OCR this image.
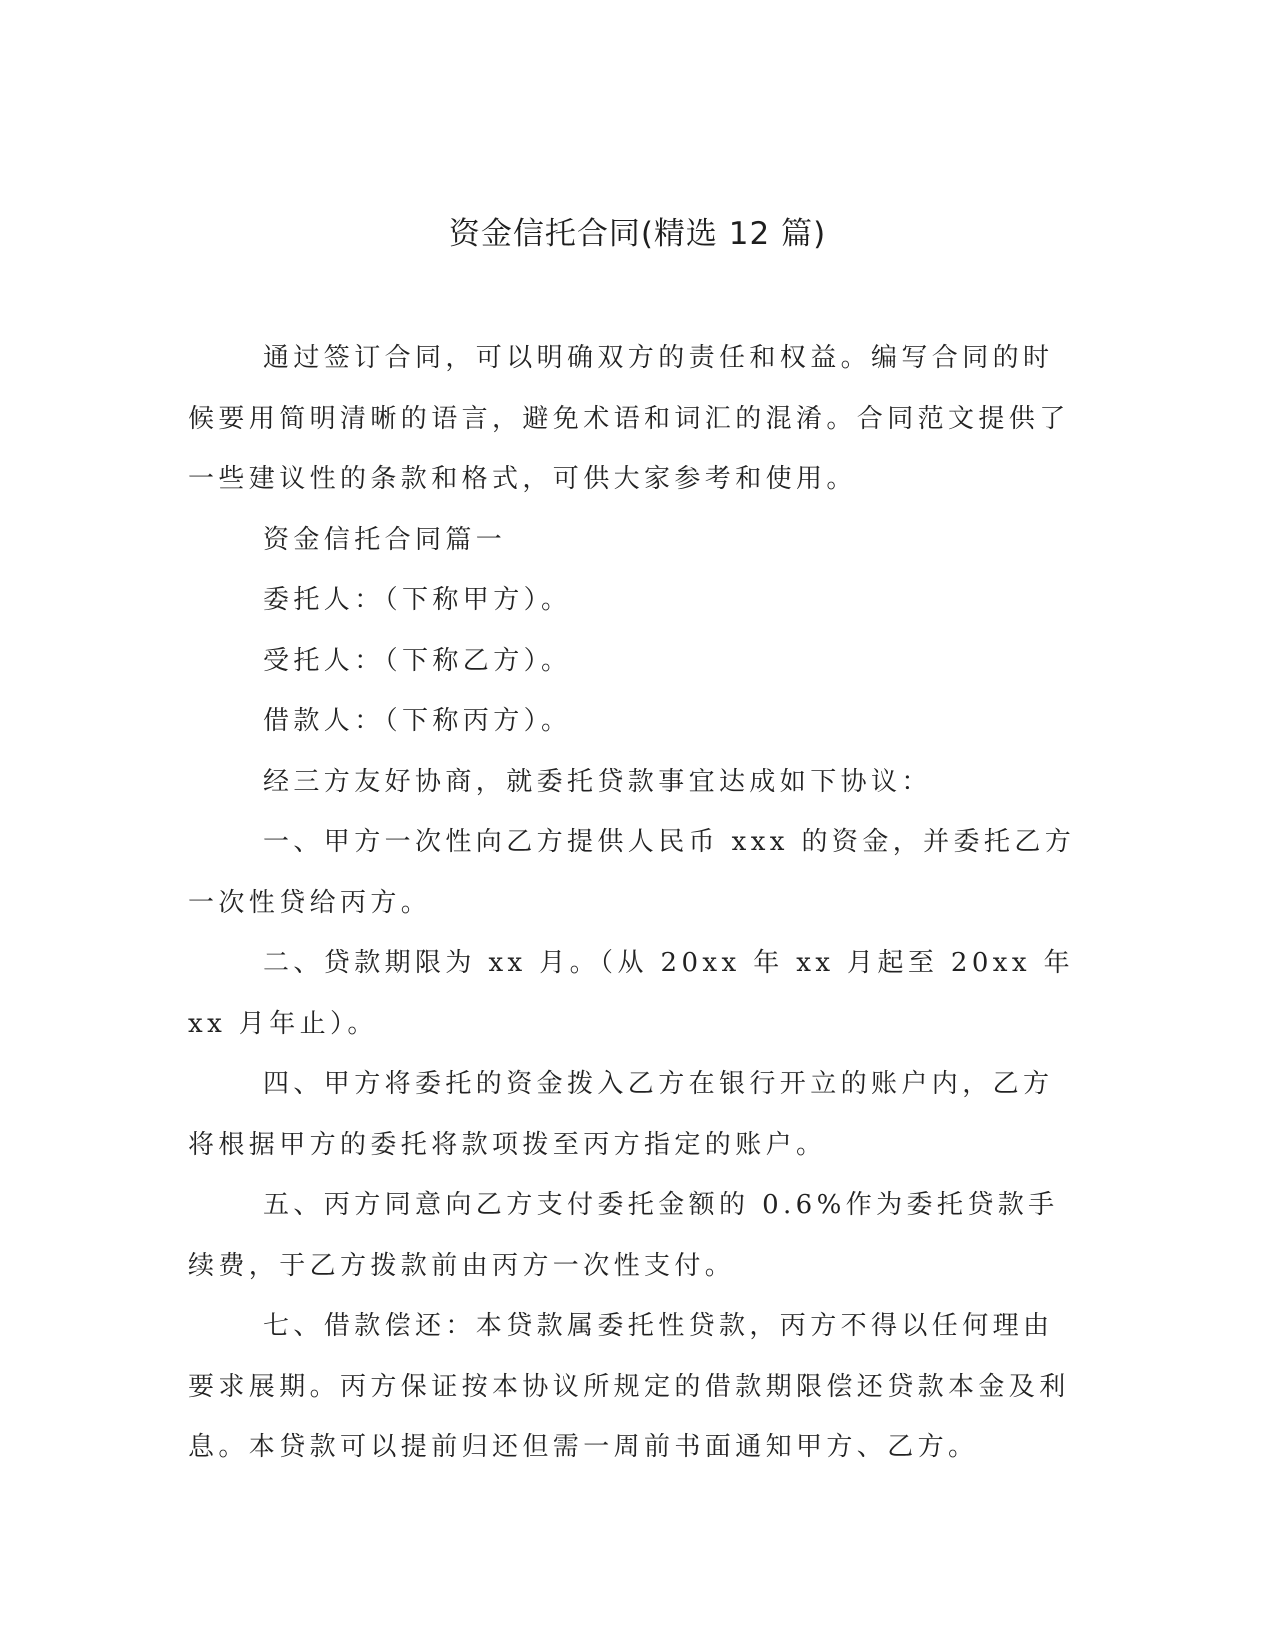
资金信托合同(精选 12 篇)

通过签订合同，可以明确双方的责任和权益。编写合同的时候要用简明清晰的语言，避免术语和词汇的混淆。合同范文提供了一些建议性的条款和格式，可供大家参考和使用。

资金信托合同篇一

委托人：（下称甲方）。

受托人：（下称乙方）。

借款人：（下称丙方）。

经三方友好协商，就委托贷款事宜达成如下协议：

一、甲方一次性向乙方提供人民币 xxx 的资金，并委托乙方一次性贷给丙方。

二、贷款期限为 xx 月。（从 20xx 年 xx 月起至 20xx 年 xx 月年止）。

四、甲方将委托的资金拨入乙方在银行开立的账户内，乙方将根据甲方的委托将款项拨至丙方指定的账户。

五、丙方同意向乙方支付委托金额的 0.6%作为委托贷款手续费，于乙方拨款前由丙方一次性支付。

七、借款偿还：本贷款属委托性贷款，丙方不得以任何理由要求展期。丙方保证按本协议所规定的借款期限偿还贷款本金及利息。本贷款可以提前归还但需一周前书面通知甲方、乙方。
